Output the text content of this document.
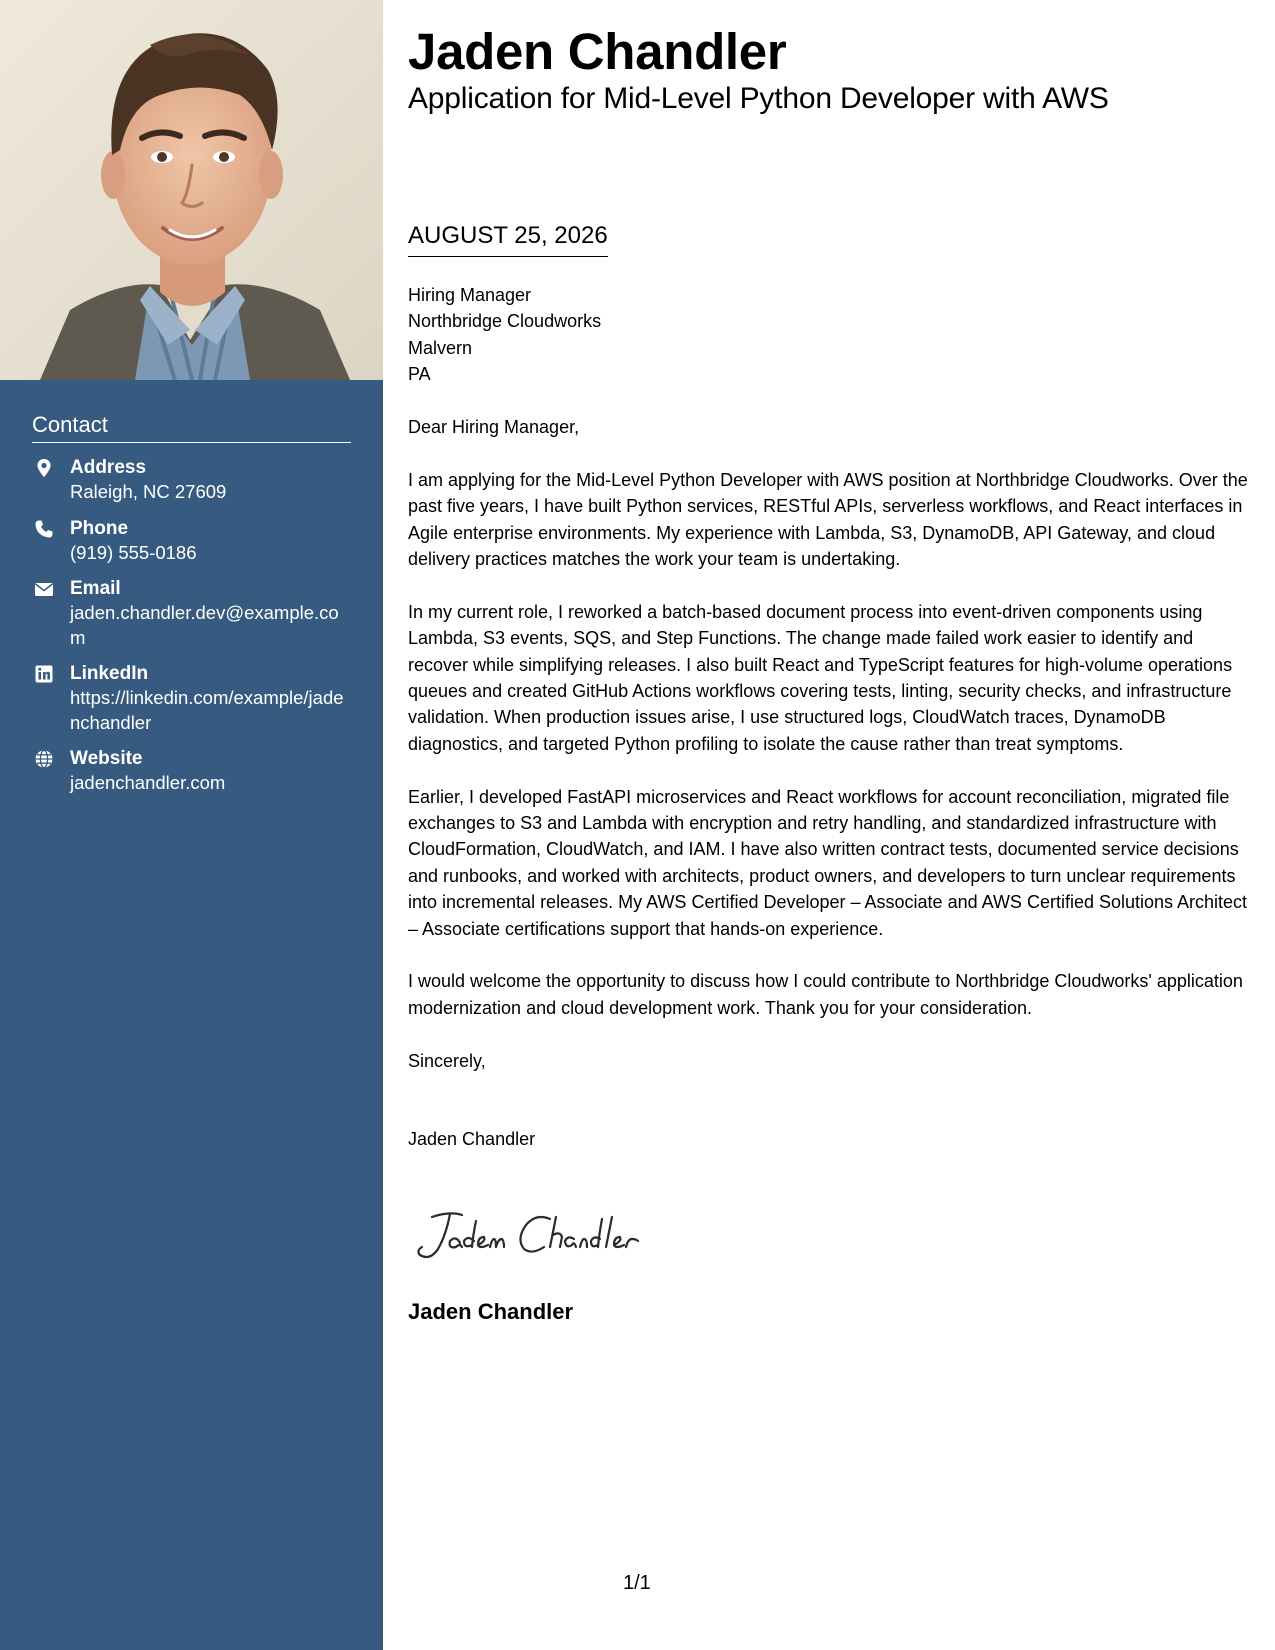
Contact
Address
Raleigh, NC 27609
Phone
(919) 555-0186
Email
jaden.chandler.dev@example.com
LinkedIn
https://linkedin.com/example/jadenchandler
Website
jadenchandler.com
Jaden Chandler
Application for Mid-Level Python Developer with AWS
AUGUST 25, 2026
Hiring Manager
Northbridge Cloudworks
Malvern
PA

Dear Hiring Manager,

I am applying for the Mid-Level Python Developer with AWS position at Northbridge Cloudworks. Over the past five years, I have built Python services, RESTful APIs, serverless workflows, and React interfaces in Agile enterprise environments. My experience with Lambda, S3, DynamoDB, API Gateway, and cloud delivery practices matches the work your team is undertaking.

In my current role, I reworked a batch-based document process into event-driven components using Lambda, S3 events, SQS, and Step Functions. The change made failed work easier to identify and recover while simplifying releases. I also built React and TypeScript features for high-volume operations queues and created GitHub Actions workflows covering tests, linting, security checks, and infrastructure validation. When production issues arise, I use structured logs, CloudWatch traces, DynamoDB diagnostics, and targeted Python profiling to isolate the cause rather than treat symptoms.

Earlier, I developed FastAPI microservices and React workflows for account reconciliation, migrated file exchanges to S3 and Lambda with encryption and retry handling, and standardized infrastructure with CloudFormation, CloudWatch, and IAM. I have also written contract tests, documented service decisions and runbooks, and worked with architects, product owners, and developers to turn unclear requirements into incremental releases. My AWS Certified Developer – Associate and AWS Certified Solutions Architect – Associate certifications support that hands-on experience.

I would welcome the opportunity to discuss how I could contribute to Northbridge Cloudworks' application modernization and cloud development work. Thank you for your consideration.

Sincerely,

Jaden Chandler
Jaden Chandler
1/1
